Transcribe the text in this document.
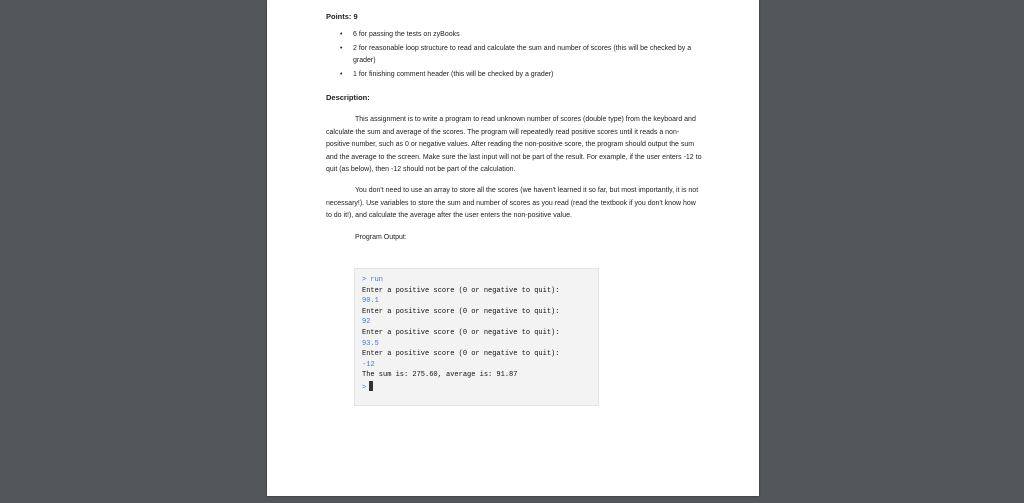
Points: 9

• 6 for passing the tests on zyBooks
• 2 for reasonable loop structure to read and calculate the sum and number of scores (this will be checked by a grader)
• 1 for finishing comment header (this will be checked by a grader)

Description:

This assignment is to write a program to read unknown number of scores (double type) from the keyboard and calculate the sum and average of the scores. The program will repeatedly read positive scores until it reads a non-positive number, such as 0 or negative values. After reading the non-positive score, the program should output the sum and the average to the screen. Make sure the last input will not be part of the result. For example, if the user enters -12 to quit (as below), then -12 should not be part of the calculation.

You don't need to use an array to store all the scores (we haven't learned it so far, but most importantly, it is not necessary!). Use variables to store the sum and number of scores as you read (read the textbook if you don't know how to do it!), and calculate the average after the user enters the non-positive value.

Program Output:

> run
Enter a positive score (0 or negative to quit):
90.1
Enter a positive score (0 or negative to quit):
92
Enter a positive score (0 or negative to quit):
93.5
Enter a positive score (0 or negative to quit):
-12
The sum is: 275.60, average is: 91.87
>
